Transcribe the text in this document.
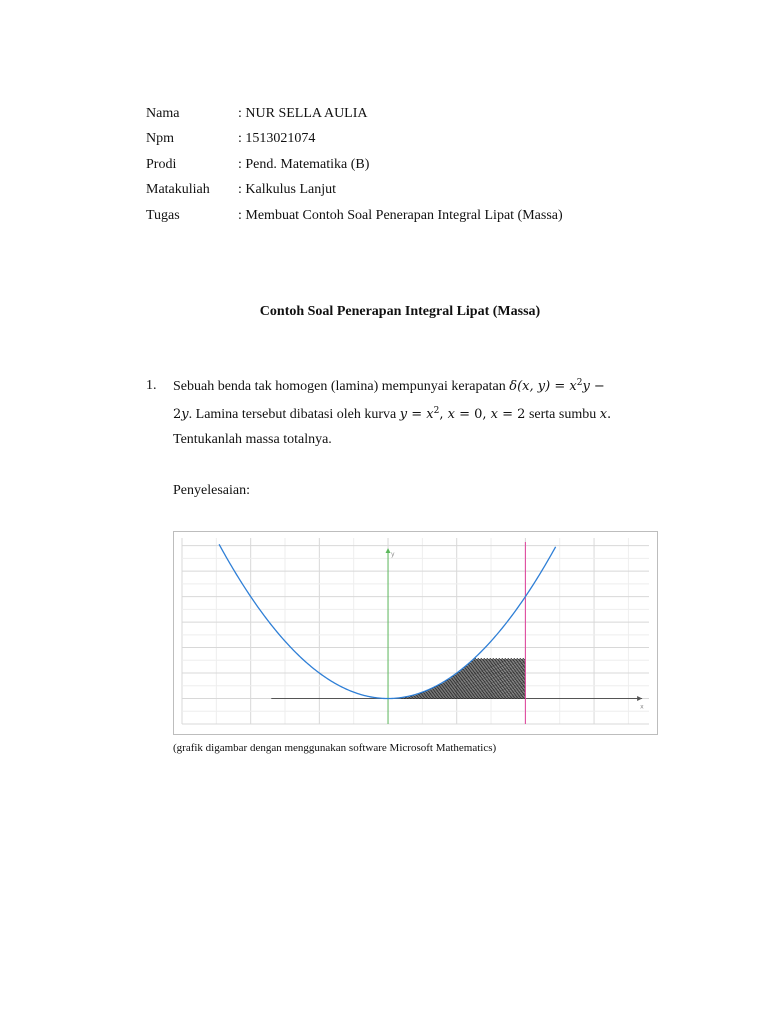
Nama	: NUR SELLA AULIA
Npm	: 1513021074
Prodi	: Pend. Matematika (B)
Matakuliah	: Kalkulus Lanjut
Tugas	: Membuat Contoh Soal Penerapan Integral Lipat (Massa)
Contoh Soal Penerapan Integral Lipat (Massa)
1. Sebuah benda tak homogen (lamina) mempunyai kerapatan δ(x, $y) = x^2y$ −
2y. Lamina tersebut dibatasi oleh kurva $y = x^2$, x = 0, x = 2 serta sumbu x.
Tentukanlah massa totalnya.
Penyelesaian:
x
y
(grafik digambar dengan menggunakan software Microsoft Mathematics)
